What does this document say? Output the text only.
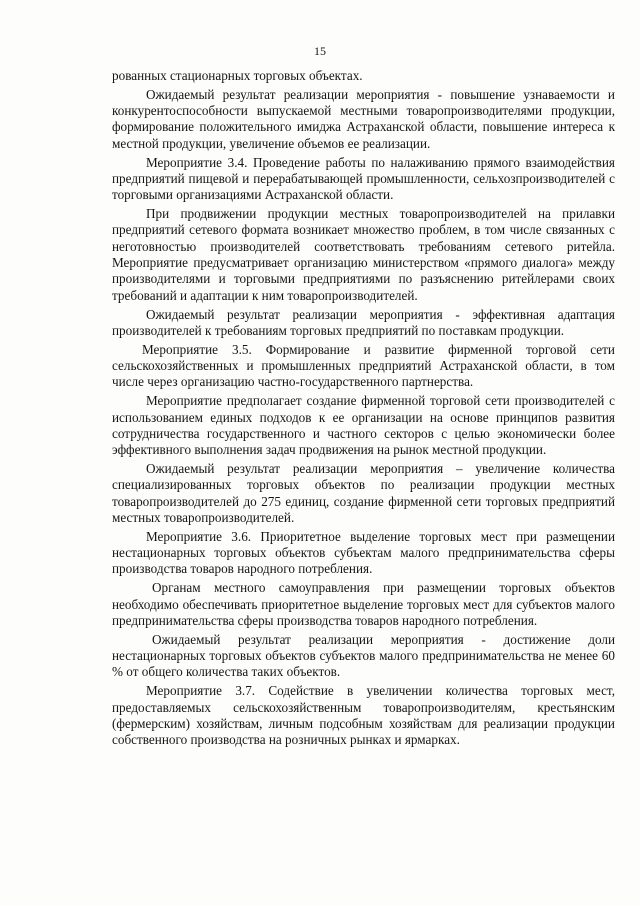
15

рованных стационарных торговых объектах.

Ожидаемый результат реализации мероприятия - повышение узнаваемости и конкурентоспособности выпускаемой местными товаропроизводителями продукции, формирование положительного имиджа Астраханской области, повышение интереса к местной продукции, увеличение объемов ее реализации.

Мероприятие 3.4. Проведение работы по налаживанию прямого взаимодействия предприятий пищевой и перерабатывающей промышленности, сельхозпроизводителей с торговыми организациями Астраханской области.

При продвижении продукции местных товаропроизводителей на прилавки предприятий сетевого формата возникает множество проблем, в том числе связанных с неготовностью производителей соответствовать требованиям сетевого ритейла. Мероприятие предусматривает организацию министерством «прямого диалога» между производителями и торговыми предприятиями по разъяснению ритейлерами своих требований и адаптации к ним товаропроизводителей.

Ожидаемый результат реализации мероприятия - эффективная адаптация производителей к требованиям торговых предприятий по поставкам продукции.

Мероприятие 3.5. Формирование и развитие фирменной торговой сети сельскохозяйственных и промышленных предприятий Астраханской области, в том числе через организацию частно-государственного партнерства.

Мероприятие предполагает создание фирменной торговой сети производителей с использованием единых подходов к ее организации на основе принципов развития сотрудничества государственного и частного секторов с целью экономически более эффективного выполнения задач продвижения на рынок местной продукции.

Ожидаемый результат реализации мероприятия – увеличение количества специализированных торговых объектов по реализации продукции местных товаропроизводителей до 275 единиц, создание фирменной сети торговых предприятий местных товаропроизводителей.

Мероприятие 3.6. Приоритетное выделение торговых мест при размещении нестационарных торговых объектов субъектам малого предпринимательства сферы производства товаров народного потребления.

Органам местного самоуправления при размещении торговых объектов необходимо обеспечивать приоритетное выделение торговых мест для субъектов малого предпринимательства сферы производства товаров народного потребления.

Ожидаемый результат реализации мероприятия - достижение доли нестационарных торговых объектов субъектов малого предпринимательства не менее 60 % от общего количества таких объектов.

Мероприятие 3.7. Содействие в увеличении количества торговых мест, предоставляемых сельскохозяйственным товаропроизводителям, крестьянским (фермерским) хозяйствам, личным подсобным хозяйствам для реализации продукции собственного производства на розничных рынках и ярмарках.
